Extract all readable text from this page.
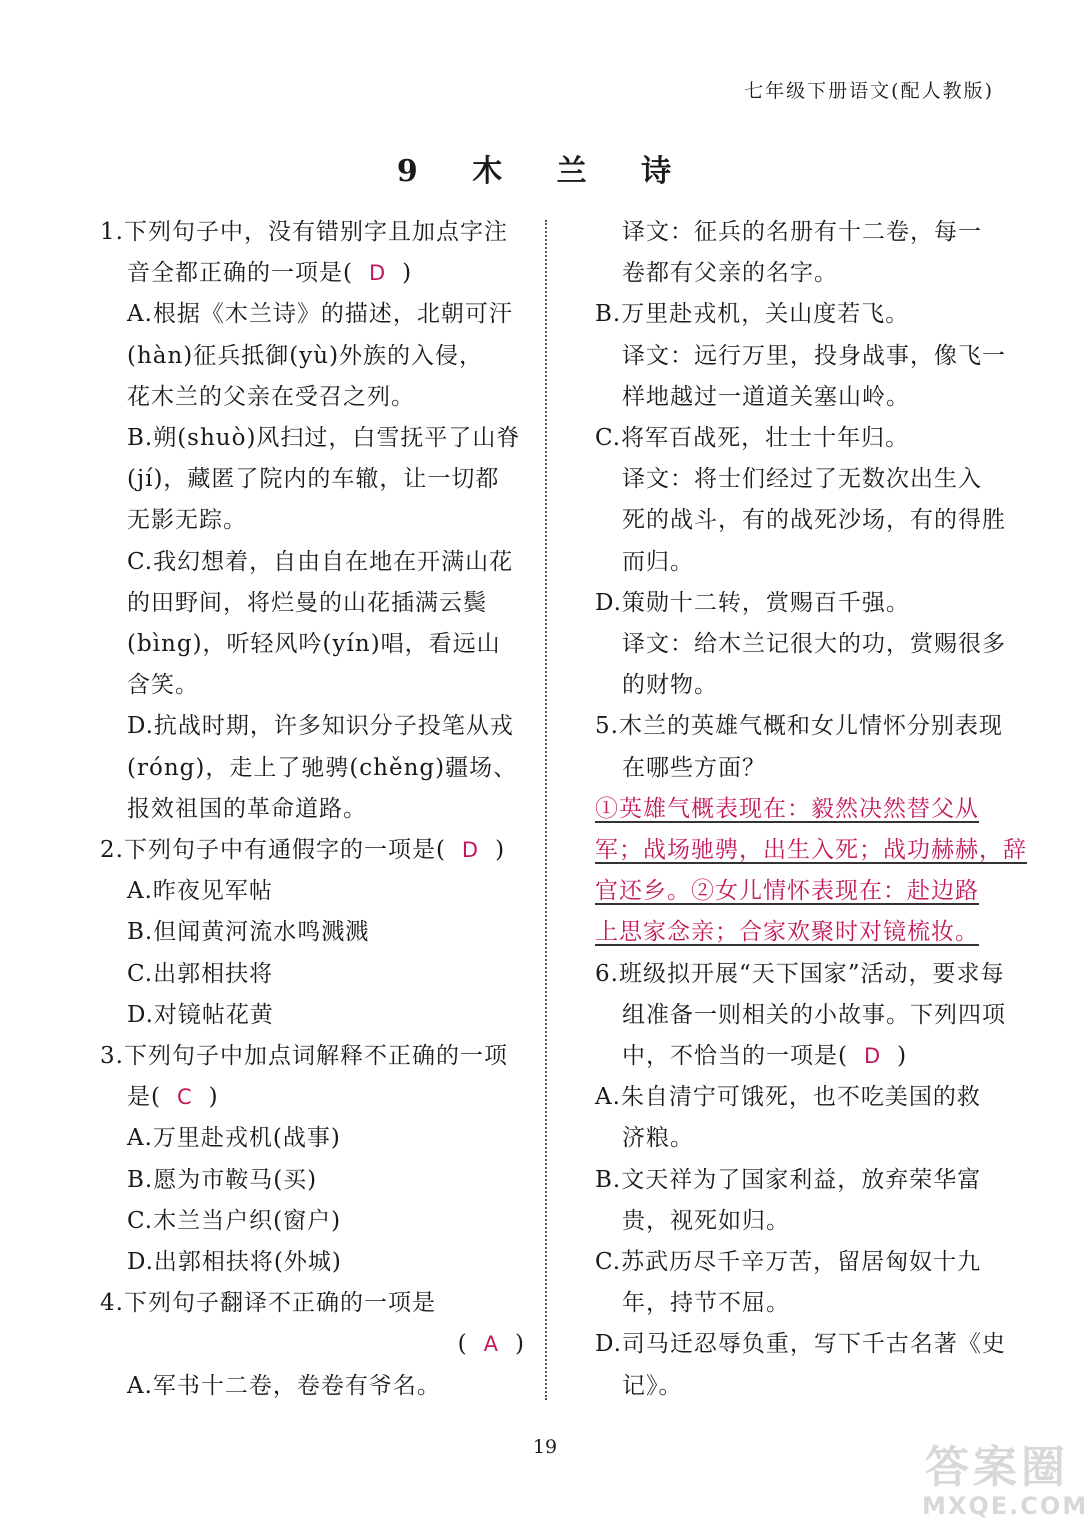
七年级下册语文(配人教版)
9 木 兰 诗
1.下列句子中，没有错别字且加点字注
音全都正确的一项是( D )
A.根据《木兰诗》的描述，北朝可汗
(hàn)征兵抵御(yù)外族的入侵，
花木兰的父亲在受召之列。
B.朔(shuò)风扫过，白雪抚平了山脊
(jí)，藏匿了院内的车辙，让一切都
无影无踪。
C.我幻想着，自由自在地在开满山花
的田野间，将烂曼的山花插满云鬓
(bìng)，听轻风吟(yín)唱，看远山
含笑。
D.抗战时期，许多知识分子投笔从戎
(róng)，走上了驰骋(chěng)疆场、
报效祖国的革命道路。
2.下列句子中有通假字的一项是( D )
A.昨夜见军帖
B.但闻黄河流水鸣溅溅
C.出郭相扶将
D.对镜帖花黄
3.下列句子中加点词解释不正确的一项
是( C )
A.万里赴戎机(战事)
B.愿为市鞍马(买)
C.木兰当户织(窗户)
D.出郭相扶将(外城)
4.下列句子翻译不正确的一项是
( A )
A.军书十二卷，卷卷有爷名。
译文：征兵的名册有十二卷，每一
卷都有父亲的名字。
B.万里赴戎机，关山度若飞。
译文：远行万里，投身战事，像飞一
样地越过一道道关塞山岭。
C.将军百战死，壮士十年归。
译文：将士们经过了无数次出生入
死的战斗，有的战死沙场，有的得胜
而归。
D.策勋十二转，赏赐百千强。
译文：给木兰记很大的功，赏赐很多
的财物。
5.木兰的英雄气概和女儿情怀分别表现
在哪些方面？
①英雄气概表现在：毅然决然替父从
军；战场驰骋，出生入死；战功赫赫，辞
官还乡。②女儿情怀表现在：赴边路
上思家念亲；合家欢聚时对镜梳妆。
6.班级拟开展“天下国家”活动，要求每
组准备一则相关的小故事。下列四项
中，不恰当的一项是( D )
A.朱自清宁可饿死，也不吃美国的救
济粮。
B.文天祥为了国家利益，放弃荣华富
贵，视死如归。
C.苏武历尽千辛万苦，留居匈奴十九
年，持节不屈。
D.司马迁忍辱负重，写下千古名著《史
记》。
19	答案圈
MXQE.COM
